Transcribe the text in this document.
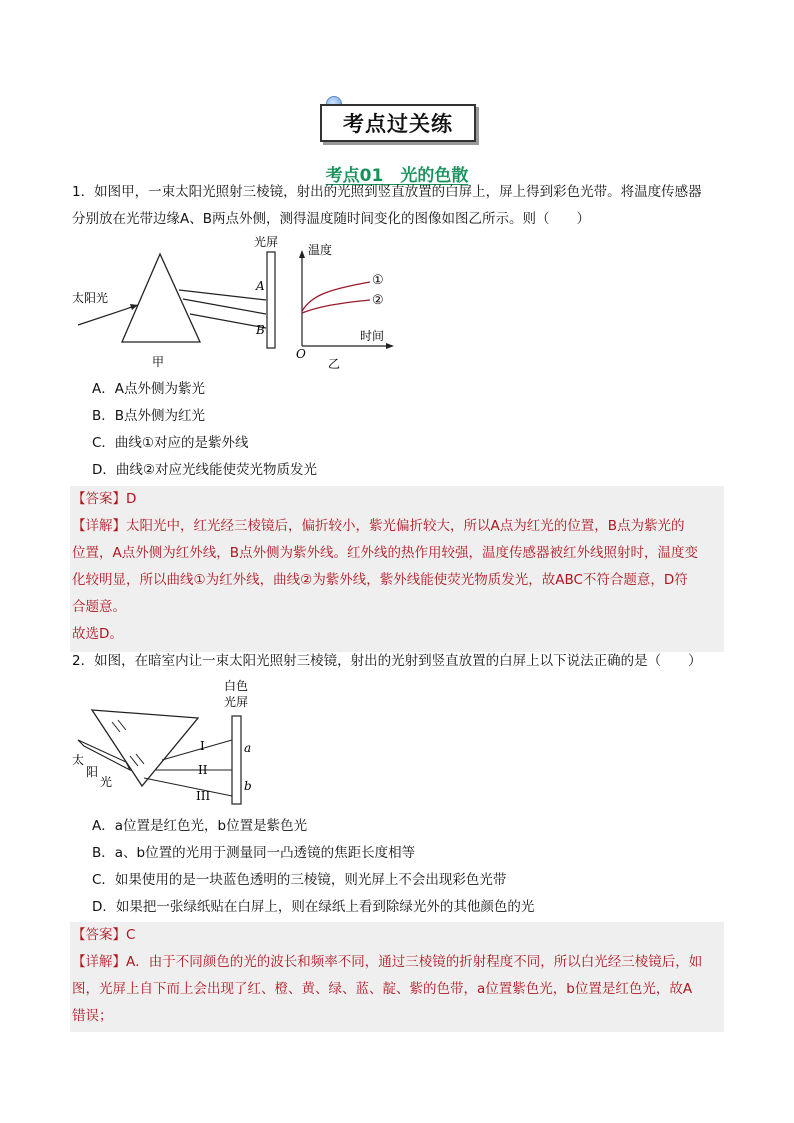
考点过关练
考点01　光的色散
1．如图甲，一束太阳光照射三棱镜，射出的光照到竖直放置的白屏上，屏上得到彩色光带。将温度传感器
分别放在光带边缘A、B两点外侧，测得温度随时间变化的图像如图乙所示。则（　　）
光屏
太阳光
A
B
甲
温度
时间
O
乙
①
②
A．A点外侧为紫光
B．B点外侧为红光
C．曲线①对应的是紫外线
D．曲线②对应光线能使荧光物质发光
【答案】D
【详解】太阳光中，红光经三棱镜后，偏折较小，紫光偏折较大，所以A点为红光的位置，B点为紫光的
位置，A点外侧为红外线，B点外侧为紫外线。红外线的热作用较强，温度传感器被红外线照射时，温度变
化较明显，所以曲线①为红外线，曲线②为紫外线，紫外线能使荧光物质发光，故ABC不符合题意，D符
合题意。
故选D。
2．如图，在暗室内让一束太阳光照射三棱镜，射出的光射到竖直放置的白屏上以下说法正确的是（　　）
白色
光屏
太
阳
光
I
II
III
a
b
A．a位置是红色光，b位置是紫色光
B．a、b位置的光用于测量同一凸透镜的焦距长度相等
C．如果使用的是一块蓝色透明的三棱镜，则光屏上不会出现彩色光带
D．如果把一张绿纸贴在白屏上，则在绿纸上看到除绿光外的其他颜色的光
【答案】C
【详解】A．由于不同颜色的光的波长和频率不同，通过三棱镜的折射程度不同，所以白光经三棱镜后，如
图，光屏上自下而上会出现了红、橙、黄、绿、蓝、靛、紫的色带，a位置紫色光，b位置是红色光，故A
错误；
